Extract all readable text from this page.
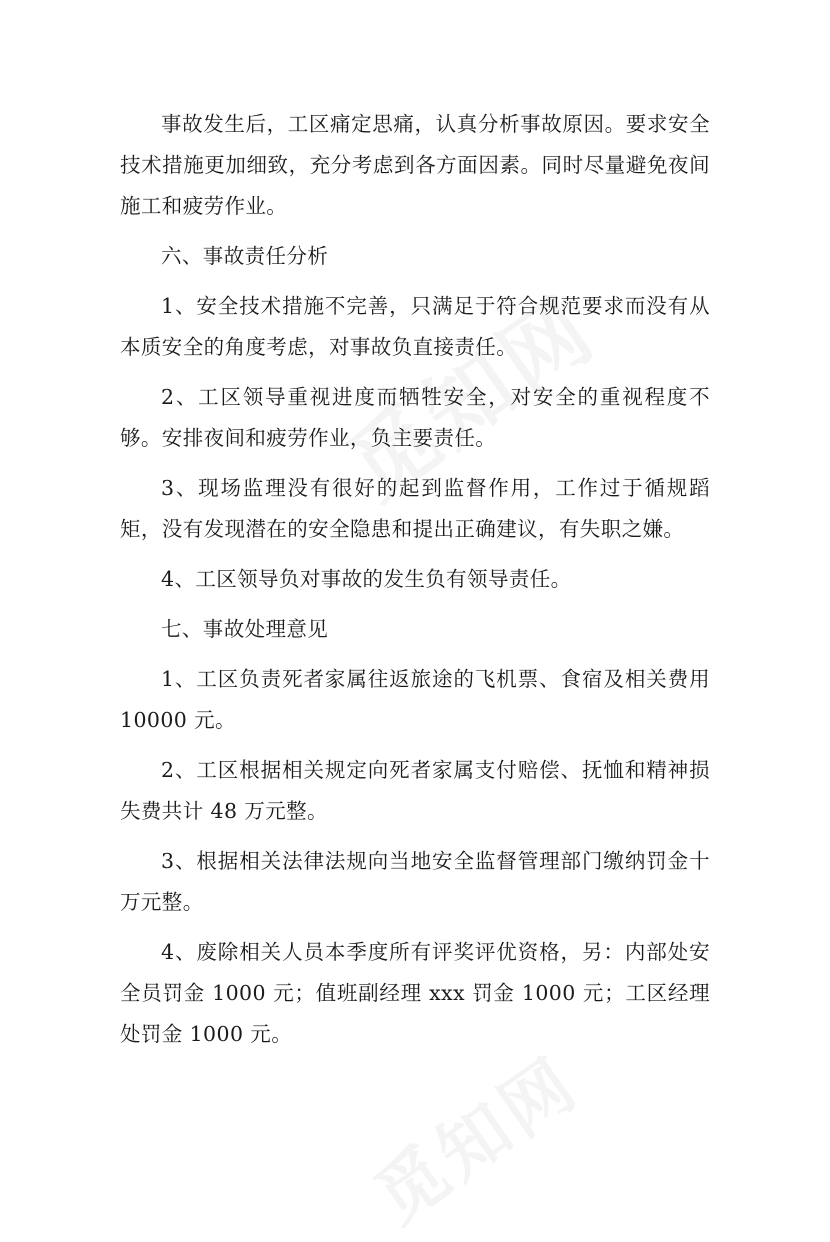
事故发生后，工区痛定思痛，认真分析事故原因。要求安全技术措施更加细致，充分考虑到各方面因素。同时尽量避免夜间施工和疲劳作业。

六、事故责任分析

1、安全技术措施不完善，只满足于符合规范要求而没有从本质安全的角度考虑，对事故负直接责任。

2、工区领导重视进度而牺牲安全，对安全的重视程度不够。安排夜间和疲劳作业，负主要责任。

3、现场监理没有很好的起到监督作用，工作过于循规蹈矩，没有发现潜在的安全隐患和提出正确建议，有失职之嫌。

4、工区领导负对事故的发生负有领导责任。

七、事故处理意见

1、工区负责死者家属往返旅途的飞机票、食宿及相关费用 10000 元。

2、工区根据相关规定向死者家属支付赔偿、抚恤和精神损失费共计 48 万元整。

3、根据相关法律法规向当地安全监督管理部门缴纳罚金十万元整。

4、废除相关人员本季度所有评奖评优资格，另：内部处安全员罚金 1000 元；值班副经理 xxx 罚金 1000 元；工区经理处罚金 1000 元。
